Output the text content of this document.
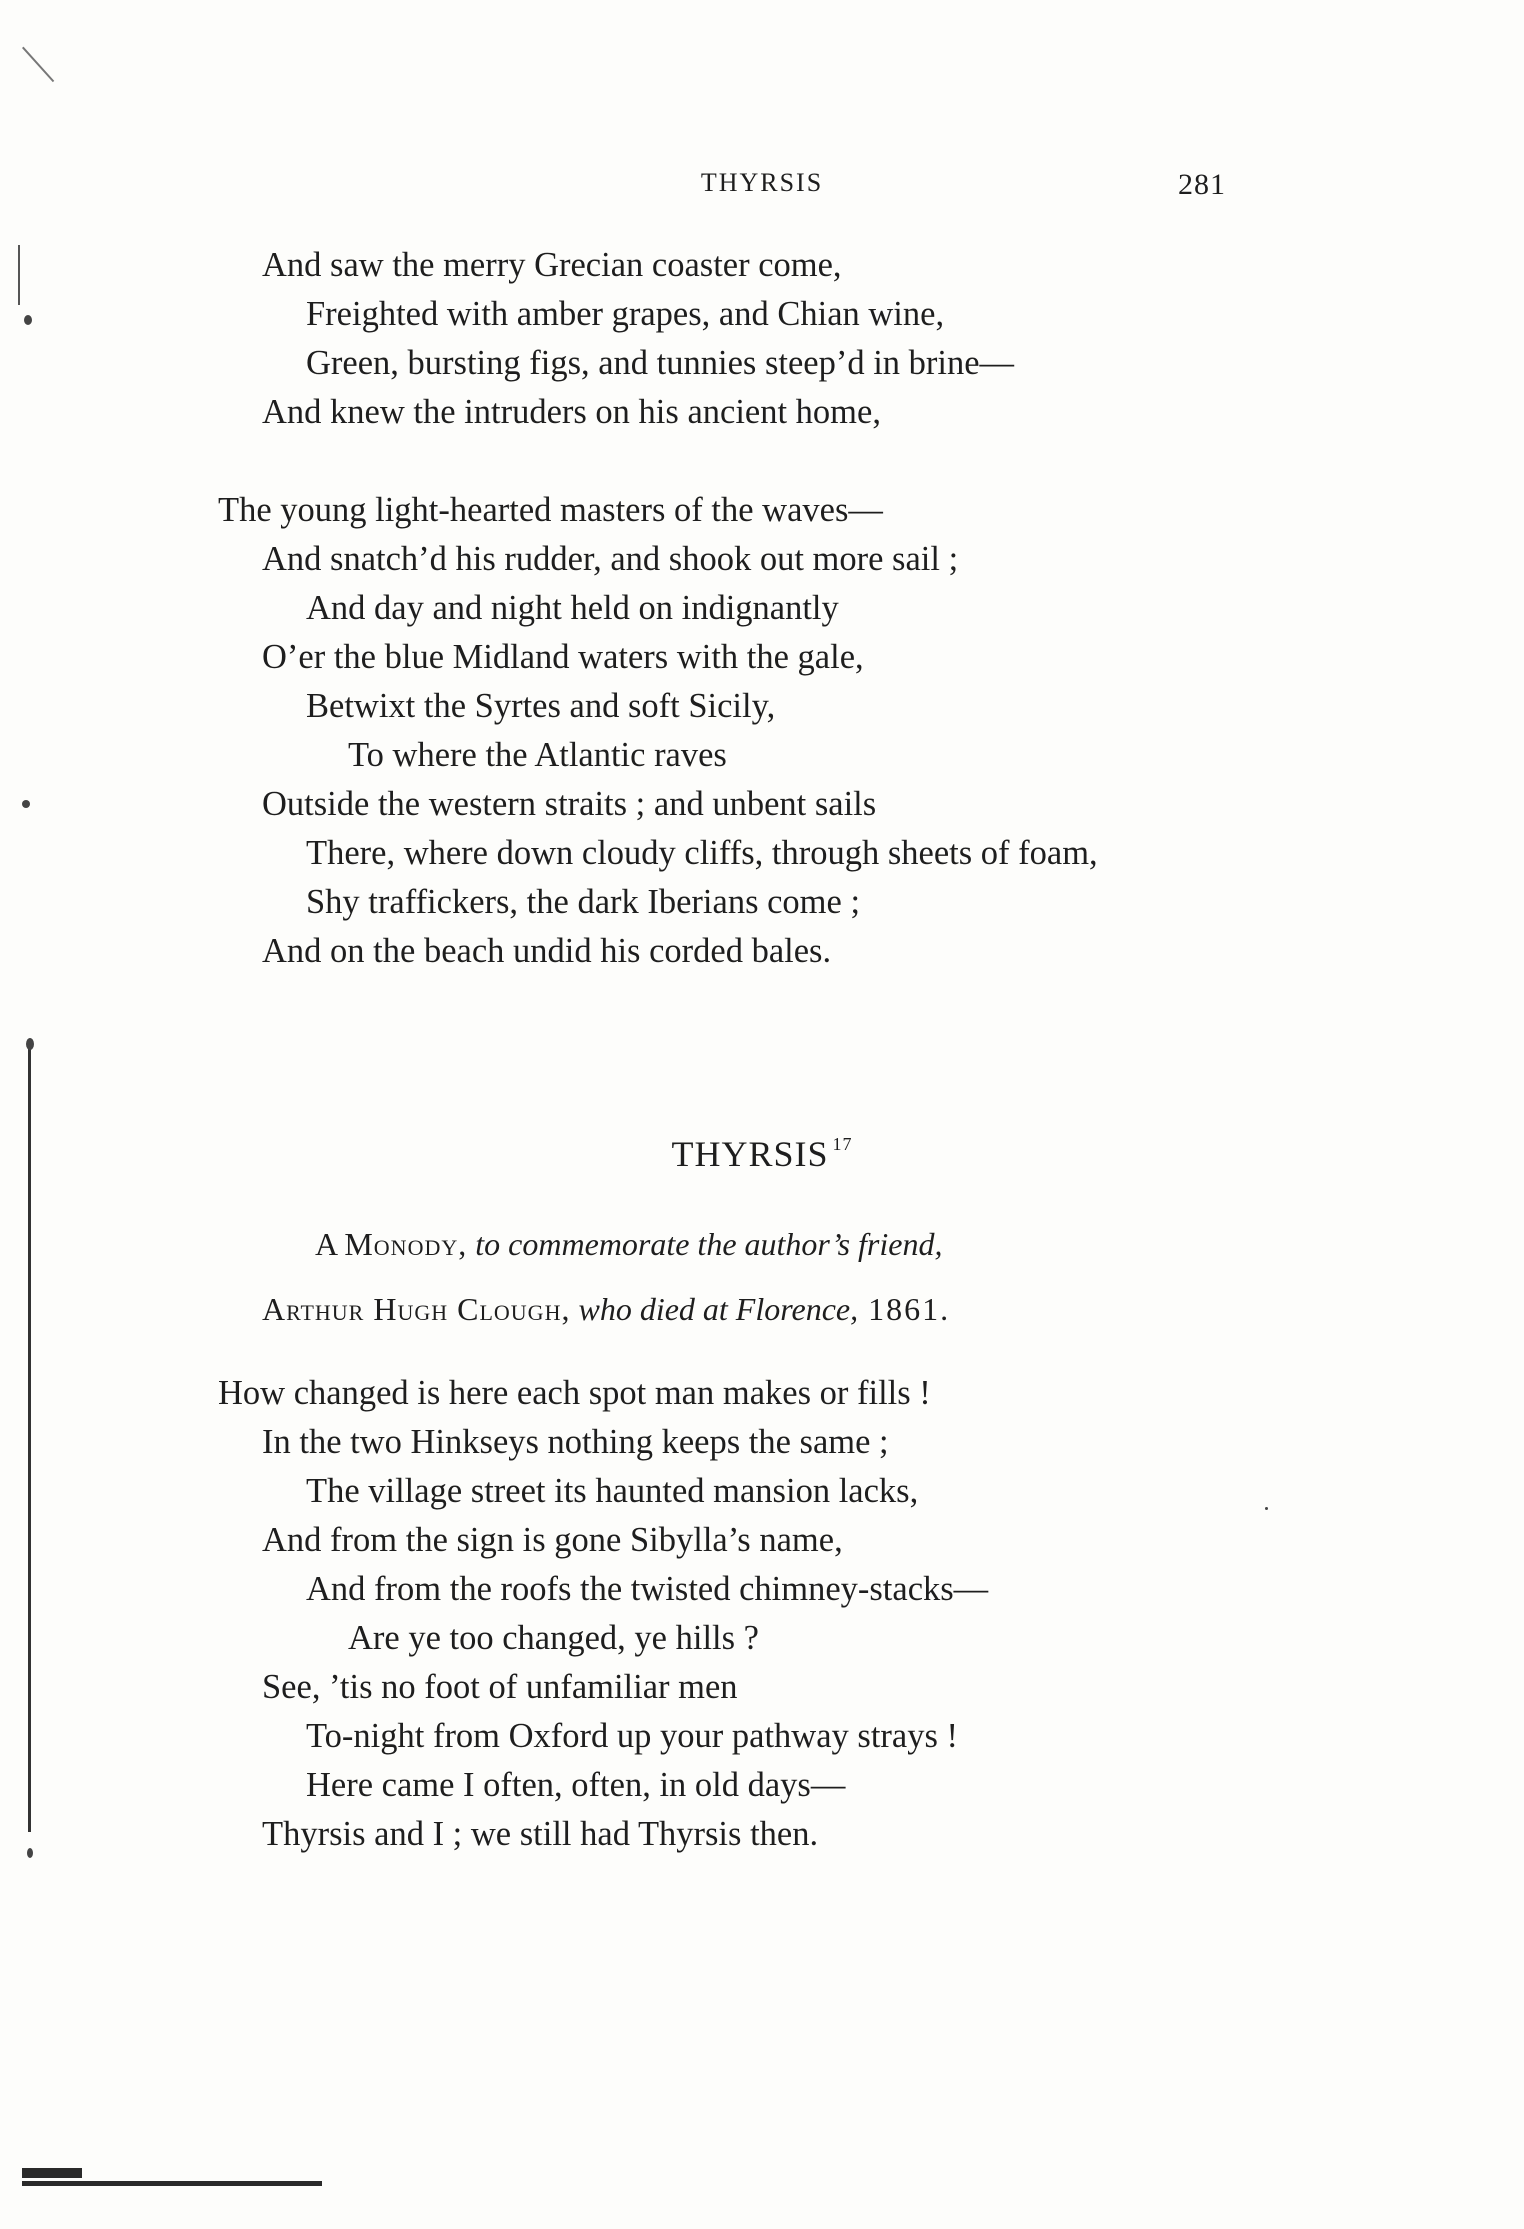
THYRSIS	281
And saw the merry Grecian coaster come,
Freighted with amber grapes, and Chian wine,
Green, bursting figs, and tunnies steep’d in brine—
And knew the intruders on his ancient home,
The young light-hearted masters of the waves—
And snatch’d his rudder, and shook out more sail ;
And day and night held on indignantly
O’er the blue Midland waters with the gale,
Betwixt the Syrtes and soft Sicily,
To where the Atlantic raves
Outside the western straits ; and unbent sails
There, where down cloudy cliffs, through sheets of foam,
Shy traffickers, the dark Iberians come ;
And on the beach undid his corded bales.
THYRSIS $^{17}$
A Monody, to commemorate the author’s friend,
Arthur Hugh Clough, who died at Florence, 1861.
How changed is here each spot man makes or fills !
In the two Hinkseys nothing keeps the same ;
The village street its haunted mansion lacks,
And from the sign is gone Sibylla’s name,
And from the roofs the twisted chimney-stacks—
Are ye too changed, ye hills ?
See, ’tis no foot of unfamiliar men
To-night from Oxford up your pathway strays !
Here came I often, often, in old days—
Thyrsis and I ; we still had Thyrsis then.
